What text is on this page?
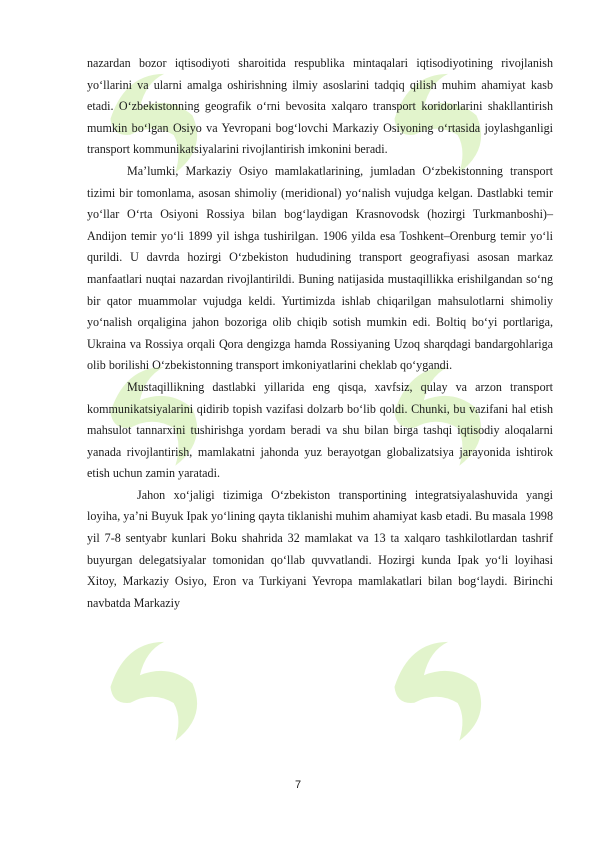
nazardan bozor iqtisodiyoti sharoitida respublika mintaqalari iqtisodiyotining rivojlanish yo‘llarini va ularni amalga oshirishning ilmiy asoslarini tadqiq qilish muhim ahamiyat kasb etadi. O‘zbekistonning geografik o‘rni bevosita xalqaro transport koridorlarini shakllantirish mumkin bo‘lgan Osiyo va Yevropani bog‘lovchi Markaziy Osiyoning o‘rtasida joylashganligi transport kommunikatsiyalarini rivojlantirish imkonini beradi.

Ma’lumki, Markaziy Osiyo mamlakatlarining, jumladan O‘zbekistonning transport tizimi bir tomonlama, asosan shimoliy (meridional) yo‘nalish vujudga kelgan. Dastlabki temir yo‘llar O‘rta Osiyoni Rossiya bilan bog‘laydigan Krasnovodsk (hozirgi Turkmanboshi)–Andijon temir yo‘li 1899 yil ishga tushirilgan. 1906 yilda esa Toshkent–Orenburg temir yo‘li qurildi. U davrda hozirgi O‘zbekiston hududining transport geografiyasi asosan markaz manfaatlari nuqtai nazardan rivojlantirildi. Buning natijasida mustaqillikka erishilgandan so‘ng bir qator muammolar vujudga keldi. Yurtimizda ishlab chiqarilgan mahsulotlarni shimoliy yo‘nalish orqaligina jahon bozoriga olib chiqib sotish mumkin edi. Boltiq bo‘yi portlariga, Ukraina va Rossiya orqali Qora dengizga hamda Rossiyaning Uzoq sharqdagi bandargohlariga olib borilishi O‘zbekistonning transport imkoniyatlarini cheklab qo‘ygandi.

Mustaqillikning dastlabki yillarida eng qisqa, xavfsiz, qulay va arzon transport kommunikatsiyalarini qidirib topish vazifasi dolzarb bo‘lib qoldi. Chunki, bu vazifani hal etish mahsulot tannarxini tushirishga yordam beradi va shu bilan birga tashqi iqtisodiy aloqalarni yanada rivojlantirish, mamlakatni jahonda yuz berayotgan globalizatsiya jarayonida ishtirok etish uchun zamin yaratadi.

Jahon xo‘jaligi tizimiga O‘zbekiston transportining integratsiyalashuvida yangi loyiha, ya’ni Buyuk Ipak yo‘lining qayta tiklanishi muhim ahamiyat kasb etadi. Bu masala 1998 yil 7-8 sentyabr kunlari Boku shahrida 32 mamlakat va 13 ta xalqaro tashkilotlardan tashrif buyurgan delegatsiyalar tomonidan qo‘llab quvvatlandi. Hozirgi kunda Ipak yo‘li loyihasi Xitoy, Markaziy Osiyo, Eron va Turkiyani Yevropa mamlakatlari bilan bog‘laydi. Birinchi navbatda Markaziy

7
